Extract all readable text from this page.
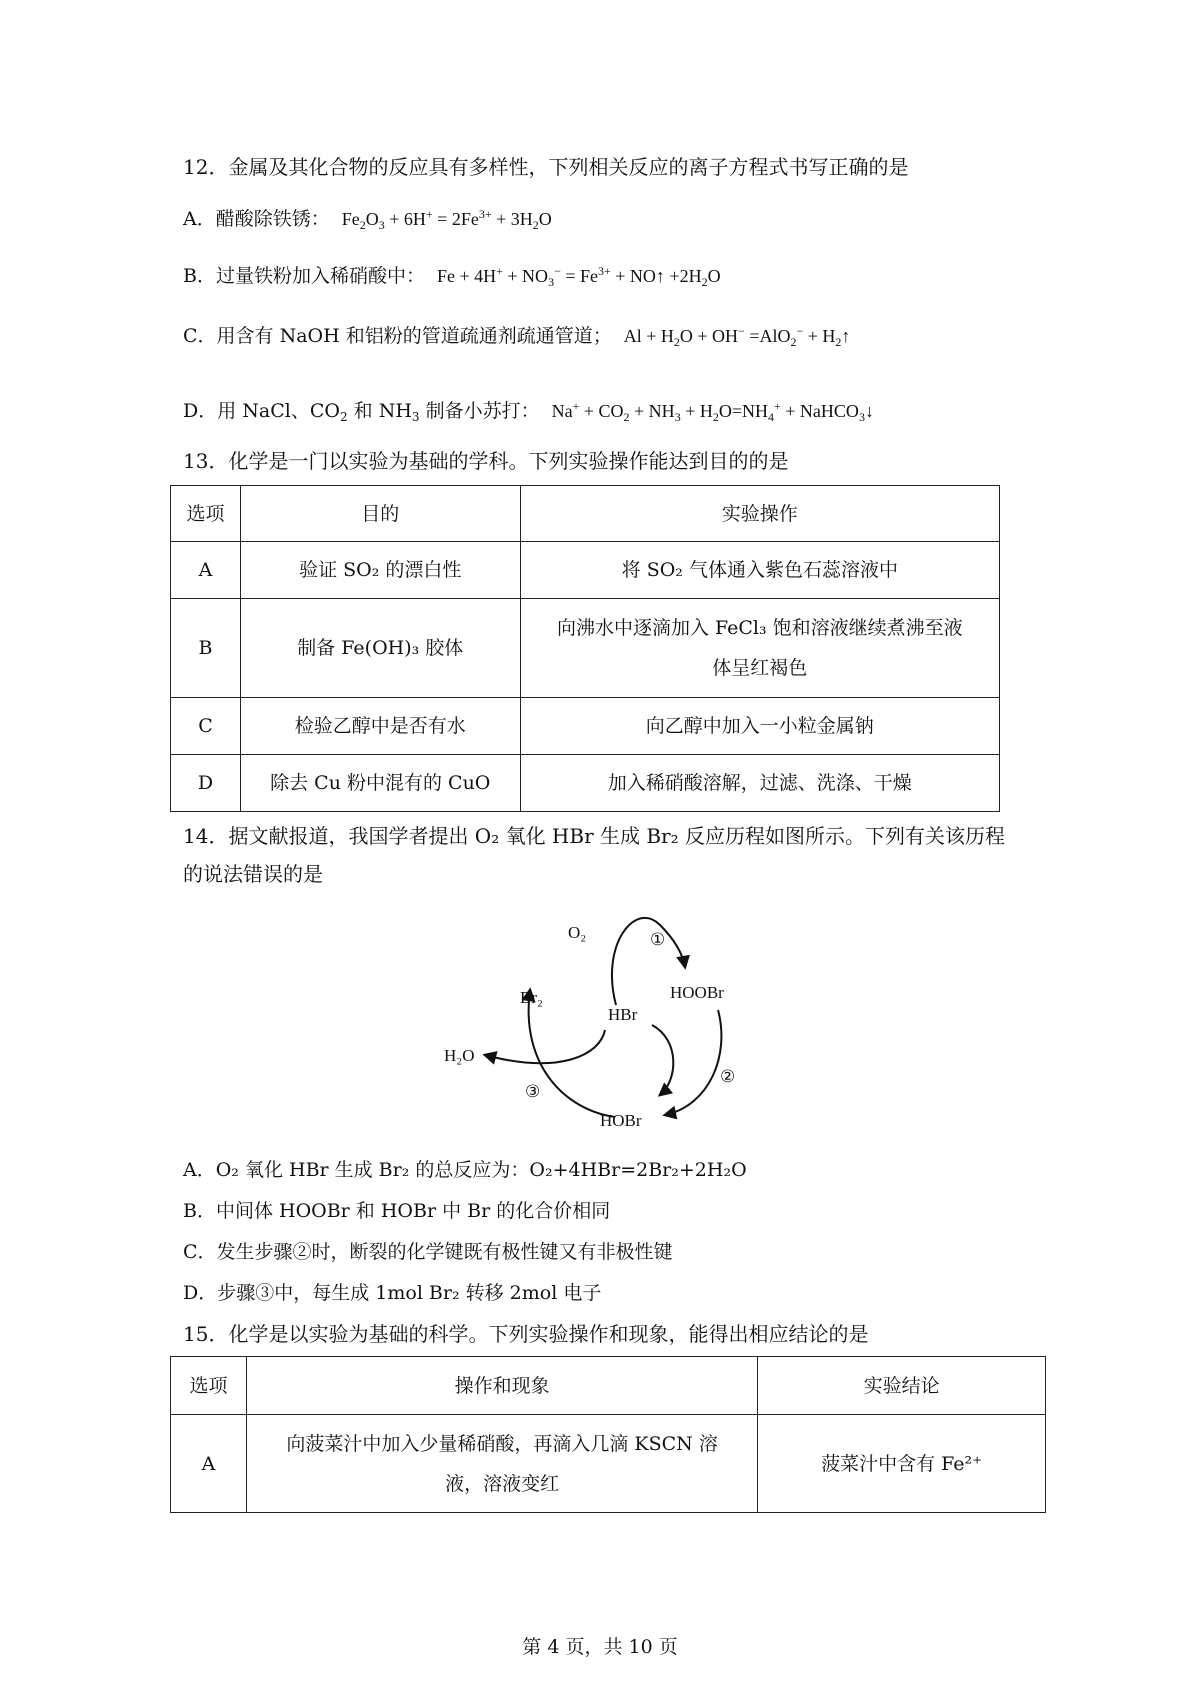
12．金属及其化合物的反应具有多样性，下列相关反应的离子方程式书写正确的是
A．醋酸除铁锈： $Fe_2O_3 + 6H^+ = 2Fe^{3+} + 3H_2O$
B．过量铁粉加入稀硝酸中： $Fe + 4H^+ + NO_3^- = Fe^{3+}$ + NO↑ $+2H_2O$
C．用含有 NaOH 和铝粉的管道疏通剂疏通管道； $Al + H_2O + OH^- =AlO_2^-$ + $H_2↑$
D．用 NaCl、$CO_2$ 和 $NH_3$ 制备小苏打： $Na^+ + CO_2 + NH_3 + H_2O=NH_4^+$ + NaHCO$_3$↓
13．化学是一门以实验为基础的学科。下列实验操作能达到目的的是
选项	目的	实验操作
A	验证 SO₂ 的漂白性	将 SO₂ 气体通入紫色石蕊溶液中
B	制备 Fe(OH)₃ 胶体	向沸水中逐滴加入 FeCl₃ 饱和溶液继续煮沸至液
体呈红褐色

C	检验乙醇中是否有水	向乙醇中加入一小粒金属钠
D	除去 Cu 粉中混有的 CuO	加入稀硝酸溶解，过滤、洗涤、干燥
14．据文献报道，我国学者提出 O₂ 氧化 HBr 生成 Br₂ 反应历程如图所示。下列有关该历程
的说法错误的是
O₂
HOOBr
HBr
Br₂
H₂O
HOBr
①
②
③
A．O₂ 氧化 HBr 生成 Br₂ 的总反应为：O₂+4HBr=2Br₂+2H₂O
B．中间体 HOOBr 和 HOBr 中 Br 的化合价相同
C．发生步骤②时，断裂的化学键既有极性键又有非极性键
D．步骤③中，每生成 1mol Br₂ 转移 2mol 电子
15．化学是以实验为基础的科学。下列实验操作和现象，能得出相应结论的是
选项	操作和现象	实验结论
A	向菠菜汁中加入少量稀硝酸，再滴入几滴 KSCN 溶
液，溶液变红	菠菜汁中含有 Fe²⁺
第 4 页，共 10 页
